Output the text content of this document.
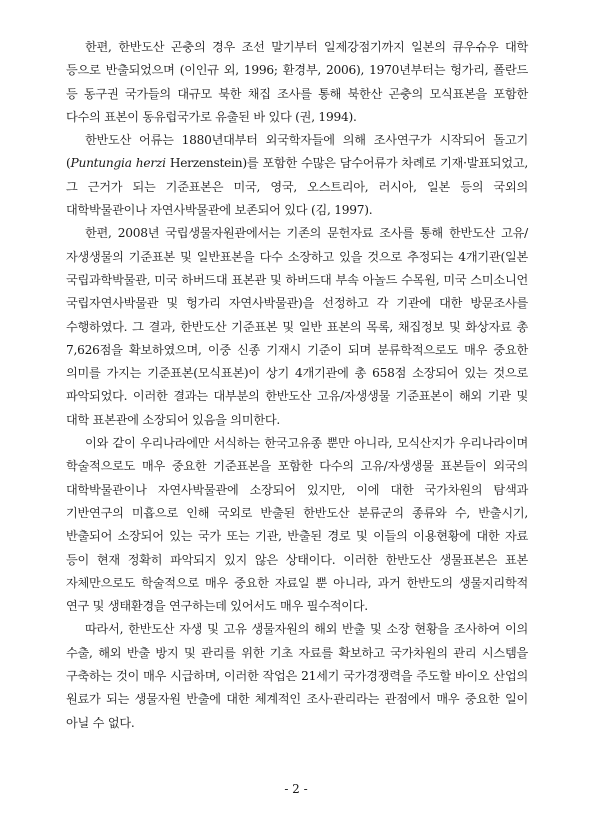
한편, 한반도산 곤충의 경우 조선 말기부터 일제강점기까지 일본의 큐우슈우 대학 등으로 반출되었으며 (이인규 외, 1996; 환경부, 2006), 1970년부터는 헝가리, 폴란드 등 동구권 국가들의 대규모 북한 채집 조사를 통해 북한산 곤충의 모식표본을 포함한 다수의 표본이 동유럽국가로 유출된 바 있다 (권, 1994).

한반도산 어류는 1880년대부터 외국학자들에 의해 조사연구가 시작되어 돌고기(Puntungia herzi Herzenstein)를 포함한 수많은 담수어류가 차례로 기재·발표되었고, 그 근거가 되는 기준표본은 미국, 영국, 오스트리아, 러시아, 일본 등의 국외의 대학박물관이나 자연사박물관에 보존되어 있다 (김, 1997).

한편, 2008년 국립생물자원관에서는 기존의 문헌자료 조사를 통해 한반도산 고유/자생생물의 기준표본 및 일반표본을 다수 소장하고 있을 것으로 추정되는 4개기관(일본 국립과학박물관, 미국 하버드대 표본관 및 하버드대 부속 아놀드 수목원, 미국 스미소니언 국립자연사박물관 및 헝가리 자연사박물관)을 선정하고 각 기관에 대한 방문조사를 수행하였다. 그 결과, 한반도산 기준표본 및 일반 표본의 목록, 채집정보 및 화상자료 총 7,626점을 확보하였으며, 이중 신종 기재시 기준이 되며 분류학적으로도 매우 중요한 의미를 가지는 기준표본(모식표본)이 상기 4개기관에 총 658점 소장되어 있는 것으로 파악되었다. 이러한 결과는 대부분의 한반도산 고유/자생생물 기준표본이 해외 기관 및 대학 표본관에 소장되어 있음을 의미한다.

이와 같이 우리나라에만 서식하는 한국고유종 뿐만 아니라, 모식산지가 우리나라이며 학술적으로도 매우 중요한 기준표본을 포함한 다수의 고유/자생생물 표본들이 외국의 대학박물관이나 자연사박물관에 소장되어 있지만, 이에 대한 국가차원의 탐색과 기반연구의 미흡으로 인해 국외로 반출된 한반도산 분류군의 종류와 수, 반출시기, 반출되어 소장되어 있는 국가 또는 기관, 반출된 경로 및 이들의 이용현황에 대한 자료 등이 현재 정확히 파악되지 있지 않은 상태이다. 이러한 한반도산 생물표본은 표본 자체만으로도 학술적으로 매우 중요한 자료일 뿐 아니라, 과거 한반도의 생물지리학적 연구 및 생태환경을 연구하는데 있어서도 매우 필수적이다.

따라서, 한반도산 자생 및 고유 생물자원의 해외 반출 및 소장 현황을 조사하여 이의 수출, 해외 반출 방지 및 관리를 위한 기초 자료를 확보하고 국가차원의 관리 시스템을 구축하는 것이 매우 시급하며, 이러한 작업은 21세기 국가경쟁력을 주도할 바이오 산업의 원료가 되는 생물자원 반출에 대한 체계적인 조사·관리라는 관점에서 매우 중요한 일이 아닐 수 없다.

- 2 -
